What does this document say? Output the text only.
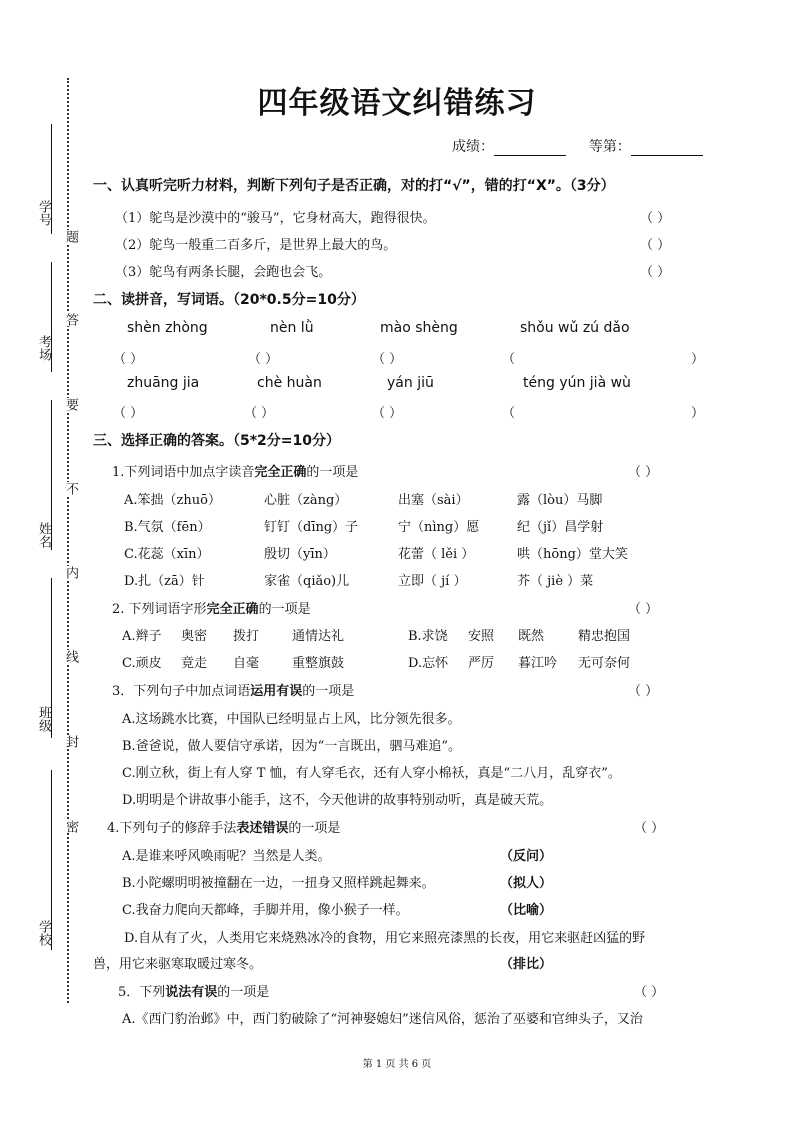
学号
考场
姓名
班级
学校
题
答
要
不
内
线
封
密
四年级语文纠错练习
成绩：	等第：
一、认真听完听力材料，判断下列句子是否正确，对的打“√”，错的打“X”。（3分）
（1）鸵鸟是沙漠中的“骏马”，它身材高大，跑得很快。	（ ）
（2）鸵鸟一般重二百多斤，是世界上最大的鸟。	（ ）
（3）鸵鸟有两条长腿，会跑也会飞。	（ ）
二、读拼音，写词语。（20*0.5分=10分）
shèn zhòng	nèn lǜ	mào shèng	shǒu wǔ zú dǎo
（ ）	（ ）	（ ）	（	）
zhuāng jia	chè huàn	yán jiū	téng yún jià wù
（ ）	（ ）	（ ）	（	）
三、选择正确的答案。（5*2分=10分）
1.下列词语中加点字读音完全正确的一项是	（ ）
A.笨拙（zhuō）	心脏（zàng）	出塞（sài）	露（lòu）马脚
B.气氛（fēn）	钉钉（dīng）子	宁（nìng）愿	纪（jǐ）昌学射
C.花蕊（xīn）	殷切（yīn）	花蕾（ lěi ）	哄（hōng）堂大笑
D.扎（zā）针	家雀（qiǎo)儿	立即（ jí ）	芥（ jiè ）菜
2. 下列词语字形完全正确的一项是	（ ）
A.辫子 奥密 拨打	通情达礼	B.求饶 安照 既然	精忠抱国
C.顽皮 竟走 自毫	重整旗鼓	D.忘怀 严厉 暮江吟 无可奈何
3．下列句子中加点词语运用有误的一项是	（ ）
A.这场跳水比赛，中国队已经明显占上风，比分领先很多。
B.爸爸说，做人要信守承诺，因为“一言既出，驷马难追”。
C.刚立秋，街上有人穿 T 恤，有人穿毛衣，还有人穿小棉袄，真是“二八月，乱穿衣”。
D.明明是个讲故事小能手，这不，今天他讲的故事特别动听，真是破天荒。
4.下列句子的修辞手法表述错误的一项是	（ ）
A.是谁来呼风唤雨呢？当然是人类。	（反问）
B.小陀螺明明被撞翻在一边，一扭身又照样跳起舞来。	（拟人）
C.我奋力爬向天都峰，手脚并用，像小猴子一样。	（比喻）
D.自从有了火，人类用它来烧熟冰冷的食物，用它来照亮漆黑的长夜，用它来驱赶凶猛的野
兽，用它来驱寒取暖过寒冬。	（排比）
5．下列说法有误的一项是	（ ）
A.《西门豹治邺》中，西门豹破除了“河神娶媳妇”迷信风俗，惩治了巫婆和官绅头子，又治
第 1 页 共 6 页
